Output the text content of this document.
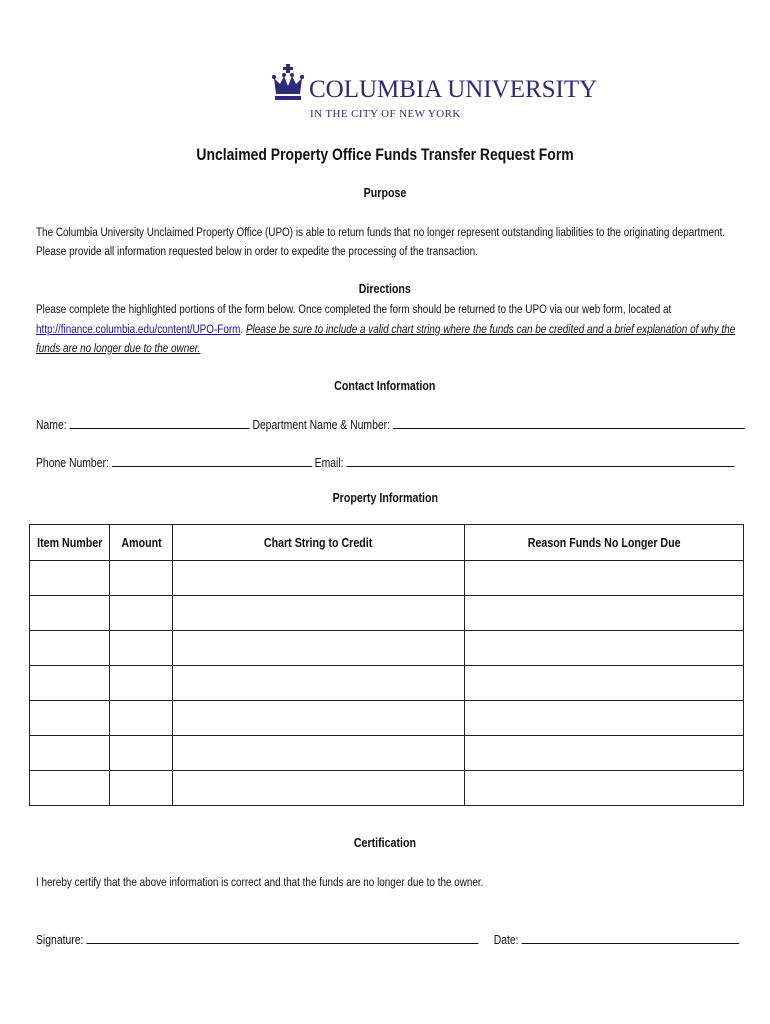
COLUMBIA UNIVERSITY
IN THE CITY OF NEW YORK
Unclaimed Property Office Funds Transfer Request Form
Purpose
The Columbia University Unclaimed Property Office (UPO) is able to return funds that no longer represent outstanding liabilities to the originating department.
Please provide all information requested below in order to expedite the processing of the transaction.
Directions
Please complete the highlighted portions of the form below. Once completed the form should be returned to the UPO via our web form, located at
http://finance.columbia.edu/content/UPO-Form. Please be sure to include a valid chart string where the funds can be credited and a brief explanation of why the
funds are no longer due to the owner.
Contact Information
Name:	Department Name & Number:
Phone Number:	Email:
Property Information
Item Number	Amount	Chart String to Credit	Reason Funds No Longer Due

Certification
I hereby certify that the above information is correct and that the funds are no longer due to the owner.
Signature:	Date:
